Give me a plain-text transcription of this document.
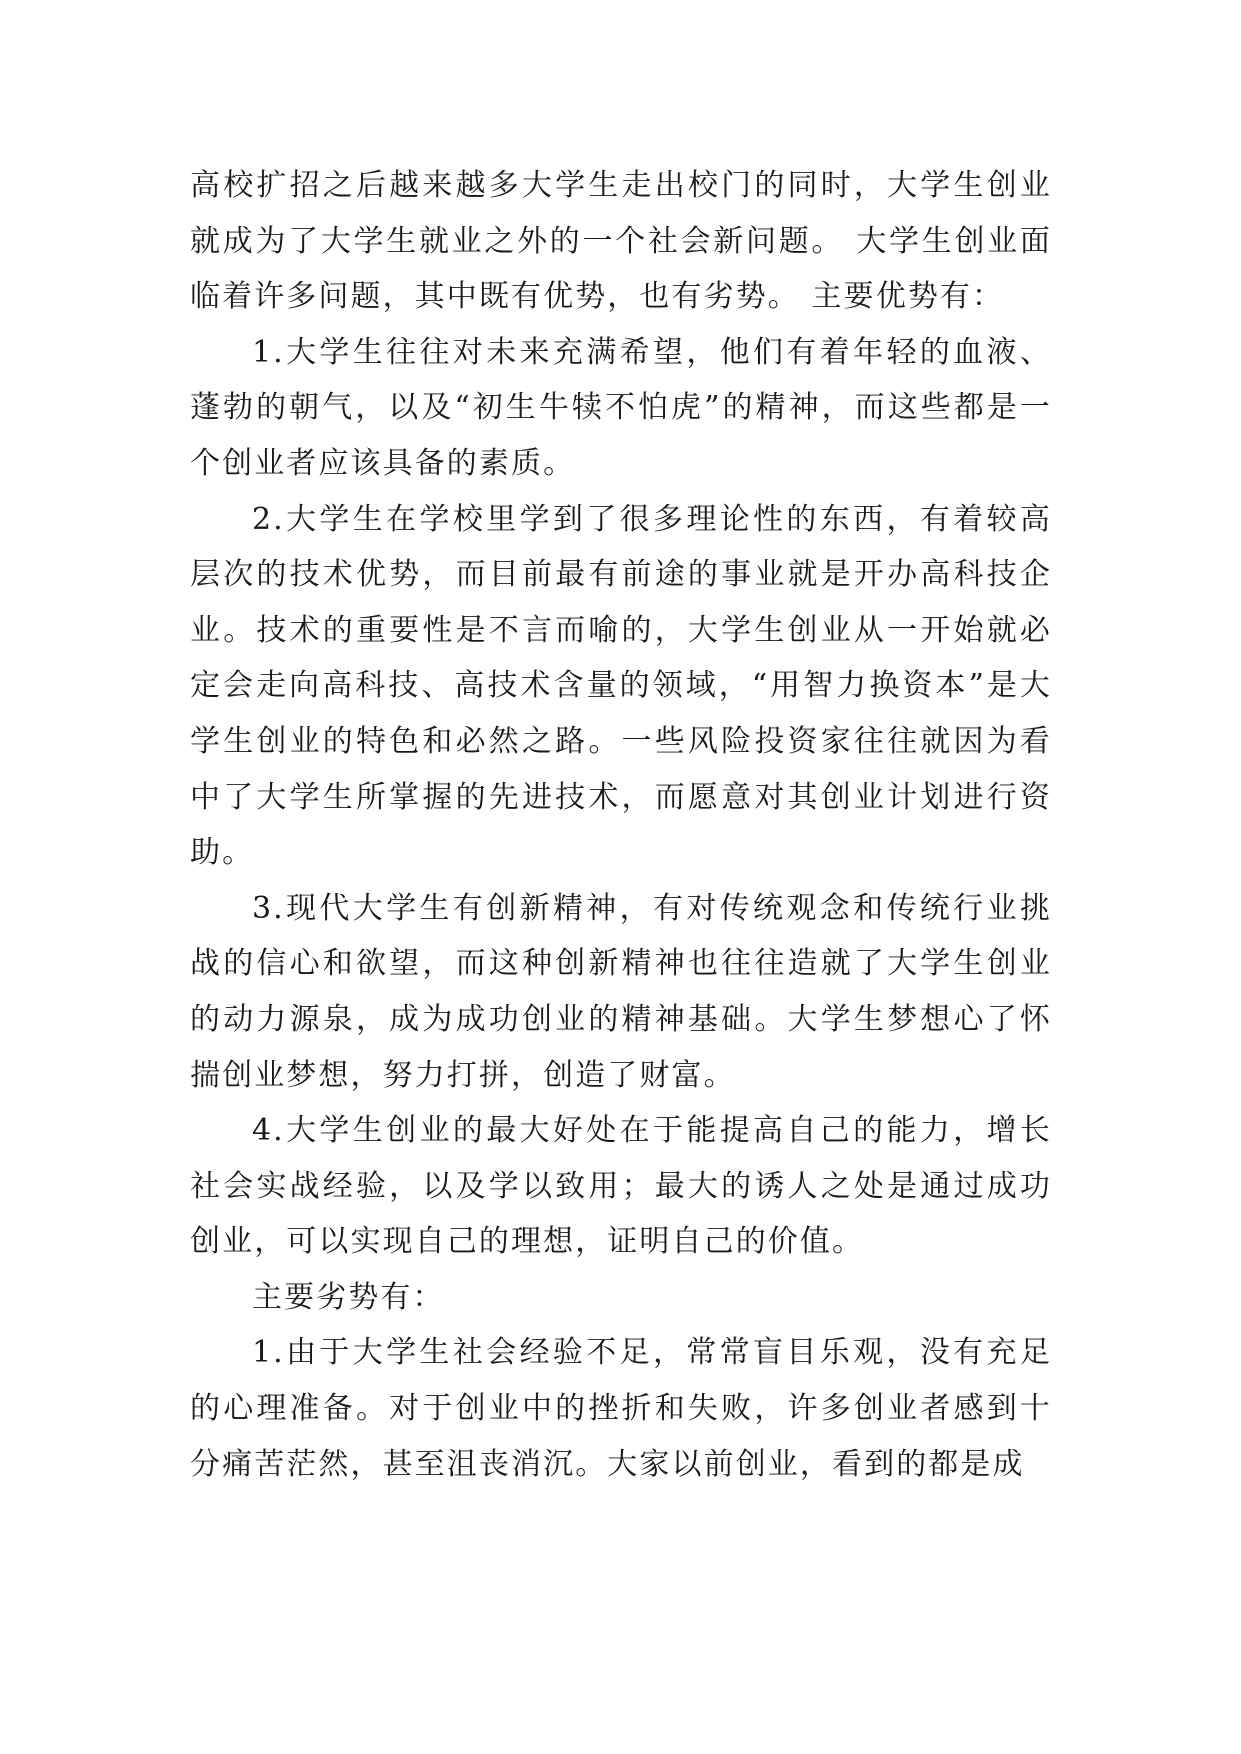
高校扩招之后越来越多大学生走出校门的同时，大学生创业就成为了大学生就业之外的一个社会新问题。 大学生创业面临着许多问题，其中既有优势，也有劣势。 主要优势有：

1.大学生往往对未来充满希望，他们有着年轻的血液、蓬勃的朝气，以及“初生牛犊不怕虎”的精神，而这些都是一个创业者应该具备的素质。

2.大学生在学校里学到了很多理论性的东西，有着较高层次的技术优势，而目前最有前途的事业就是开办高科技企业。技术的重要性是不言而喻的，大学生创业从一开始就必定会走向高科技、高技术含量的领域，“用智力换资本”是大学生创业的特色和必然之路。一些风险投资家往往就因为看中了大学生所掌握的先进技术，而愿意对其创业计划进行资助。

3.现代大学生有创新精神，有对传统观念和传统行业挑战的信心和欲望，而这种创新精神也往往造就了大学生创业的动力源泉，成为成功创业的精神基础。大学生梦想心了怀揣创业梦想，努力打拼，创造了财富。

4.大学生创业的最大好处在于能提高自己的能力，增长社会实战经验，以及学以致用；最大的诱人之处是通过成功创业，可以实现自己的理想，证明自己的价值。

主要劣势有：

1.由于大学生社会经验不足，常常盲目乐观，没有充足的心理准备。对于创业中的挫折和失败，许多创业者感到十分痛苦茫然，甚至沮丧消沉。大家以前创业，看到的都是成
